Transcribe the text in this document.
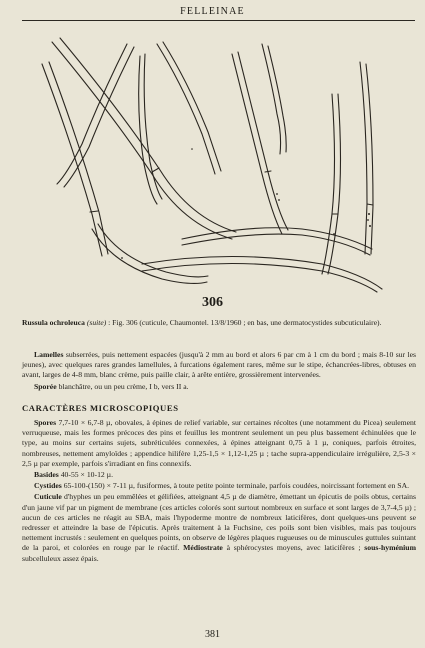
FELLEINAE
306
Russula ochroleuca (suite) : Fig. 306 (cuticule, Chaumontel. 13/8/1960 ; en bas, une dermatocystides subcuticulaire).

Lamelles subserrées, puis nettement espacées (jusqu'à 2 mm au bord et alors 6 par cm à 1 cm du bord ; mais 8-10 sur les jeunes), avec quelques rares grandes lamellules, à furcations également rares, même sur le stipe, échancrées-libres, obtuses en avant, larges de 4-8 mm, blanc crème, puis paille clair, à arête entière, grossièrement intervenées.

Sporée blanchâtre, ou un peu crème, I b, vers II a.

CARACTÈRES MICROSCOPIQUES

Spores 7,7-10 × 6,7-8 µ, obovales, à épines de relief variable, sur certaines récoltes (une notamment du Picea) seulement verruqueuse, mais les formes précoces des pins et feuillus les montrent seulement un peu plus bassement échinulées que le type, au moins sur certains sujets, subréticulées connexées, à épines atteignant 0,75 à 1 µ, coniques, parfois étroites, nombreuses, nettement amyloïdes ; appendice hilifère 1,25-1,5 × 1,12-1,25 µ ; tache supra-appendiculaire irrégulière, 2,5-3 × 2,5 µ par exemple, parfois s'irradiant en fins connexifs.

Basides 40-55 × 10-12 µ.

Cystides 65-100-(150) × 7-11 µ, fusiformes, à toute petite pointe terminale, parfois coudées, noircissant fortement en SA.

Cuticule d'hyphes un peu emmêlées et gélifiées, atteignant 4,5 µ de diamètre, émettant un épicutis de poils obtus, certains d'un jaune vif par un pigment de membrane (ces articles colorés sont surtout nombreux en surface et sont larges de 3,7-4,5 µ) ; aucun de ces articles ne réagit au SBA, mais l'hypoderme montre de nombreux laticifères, dont quelques-uns peuvent se redresser et atteindre la base de l'épicutis. Après traitement à la Fuchsine, ces poils sont bien visibles, mais pas toujours nettement incrustés : seulement en quelques points, on observe de légères plaques rugueuses ou de minuscules guttules suintant de la paroi, et colorées en rouge par le réactif. Médiostrate à sphérocystes moyens, avec laticifères ; sous-hyménium subcelluleux assez épais.

381
